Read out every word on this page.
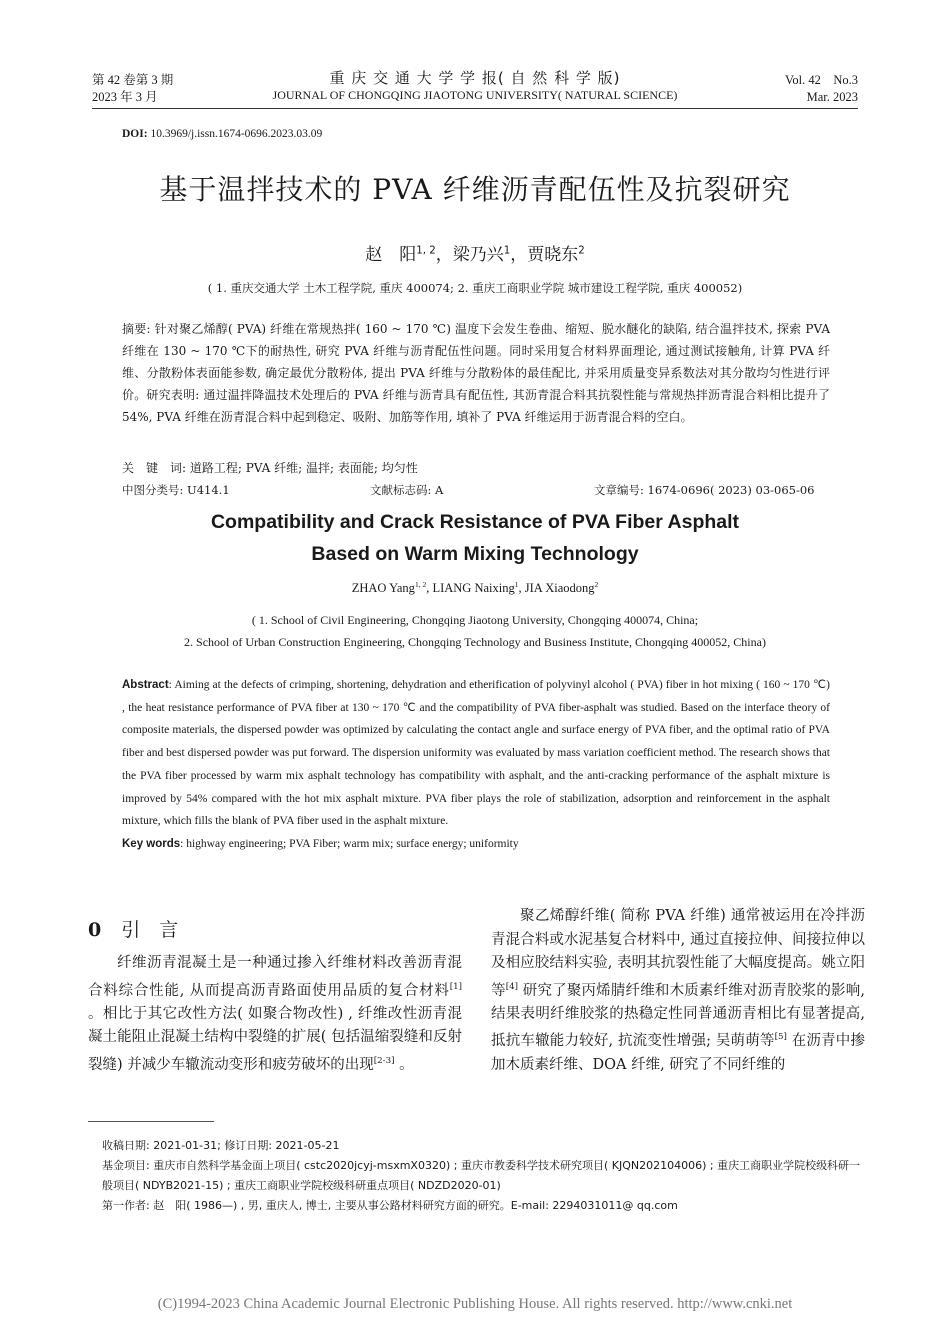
第 42 卷第 3 期
2023 年 3 月
重 庆 交 通 大 学 学 报( 自 然 科 学 版)
JOURNAL OF CHONGQING JIAOTONG UNIVERSITY( NATURAL SCIENCE)
Vol. 42　No.3
Mar. 2023
DOI: 10.3969/j.issn.1674-0696.2023.03.09
基于温拌技术的 PVA 纤维沥青配伍性及抗裂研究
赵　阳$^{1, 2}$，梁乃兴$^1$，贾晓东$^2$
( 1. 重庆交通大学 土木工程学院, 重庆 400074; 2. 重庆工商职业学院 城市建设工程学院, 重庆 400052)
摘要: 针对聚乙烯醇( PVA) 纤维在常规热拌( 160 ~ 170 ℃) 温度下会发生卷曲、缩短、脱水醚化的缺陷, 结合温拌技术, 探索 PVA 纤维在 130 ~ 170 ℃下的耐热性, 研究 PVA 纤维与沥青配伍性问题。同时采用复合材料界面理论, 通过测试接触角, 计算 PVA 纤维、分散粉体表面能参数, 确定最优分散粉体, 提出 PVA 纤维与分散粉体的最佳配比, 并采用质量变异系数法对其分散均匀性进行评价。研究表明: 通过温拌降温技术处理后的 PVA 纤维与沥青具有配伍性, 其沥青混合料其抗裂性能与常规热拌沥青混合料相比提升了 54%, PVA 纤维在沥青混合料中起到稳定、吸附、加筋等作用, 填补了 PVA 纤维运用于沥青混合料的空白。
关　键　词: 道路工程; PVA 纤维; 温拌; 表面能; 均匀性
中图分类号: U414.1	文献标志码: A	文章编号: 1674-0696( 2023) 03-065-06
Compatibility and Crack Resistance of PVA Fiber Asphalt
Based on Warm Mixing Technology
ZHAO Yang$^{1, 2}$, LIANG Naixing$^1$, JIA Xiaodong$^2$
( 1. School of Civil Engineering, Chongqing Jiaotong University, Chongqing 400074, China;
2. School of Urban Construction Engineering, Chongqing Technology and Business Institute, Chongqing 400052, China)
Abstract: Aiming at the defects of crimping, shortening, dehydration and etherification of polyvinyl alcohol ( PVA) fiber in hot mixing ( 160 ~ 170 ℃) , the heat resistance performance of PVA fiber at 130 ~ 170 ℃ and the compatibility of PVA fiber-asphalt was studied. Based on the interface theory of composite materials, the dispersed powder was optimized by calculating the contact angle and surface energy of PVA fiber, and the optimal ratio of PVA fiber and best dispersed powder was put forward. The dispersion uniformity was evaluated by mass variation coefficient method. The research shows that the PVA fiber processed by warm mix asphalt technology has compatibility with asphalt, and the anti-cracking performance of the asphalt mixture is improved by 54% compared with the hot mix asphalt mixture. PVA fiber plays the role of stabilization, adsorption and reinforcement in the asphalt mixture, which fills the blank of PVA fiber used in the asphalt mixture.
Key words: highway engineering; PVA Fiber; warm mix; surface energy; uniformity
0 引　言
纤维沥青混凝土是一种通过掺入纤维材料改善沥青混合料综合性能, 从而提高沥青路面使用品质的复合材料[1] 。相比于其它改性方法( 如聚合物改性) , 纤维改性沥青混凝土能阻止混凝土结构中裂缝的扩展( 包括温缩裂缝和反射裂缝) 并减少车辙流动变形和疲劳破坏的出现[2-3] 。
聚乙烯醇纤维( 简称 PVA 纤维) 通常被运用在冷拌沥青混合料或水泥基复合材料中, 通过直接拉伸、间接拉伸以及相应胶结料实验, 表明其抗裂性能了大幅度提高。姚立阳等[4] 研究了聚丙烯腈纤维和木质素纤维对沥青胶浆的影响, 结果表明纤维胶浆的热稳定性同普通沥青相比有显著提高, 抵抗车辙能力较好, 抗流变性增强; 吴萌萌等[5] 在沥青中掺加木质素纤维、DOA 纤维, 研究了不同纤维的
收稿日期: 2021-01-31; 修订日期: 2021-05-21
基金项目: 重庆市自然科学基金面上项目( cstc2020jcyj-msxmX0320) ; 重庆市教委科学技术研究项目( KJQN202104006) ; 重庆工商职业学院校级科研一般项目( NDYB2021-15) ; 重庆工商职业学院校级科研重点项目( NDZD2020-01)
第一作者: 赵　阳( 1986—) , 男, 重庆人, 博士, 主要从事公路材料研究方面的研究。E-mail: 2294031011@ qq.com
(C)1994-2023 China Academic Journal Electronic Publishing House. All rights reserved. http://www.cnki.net
